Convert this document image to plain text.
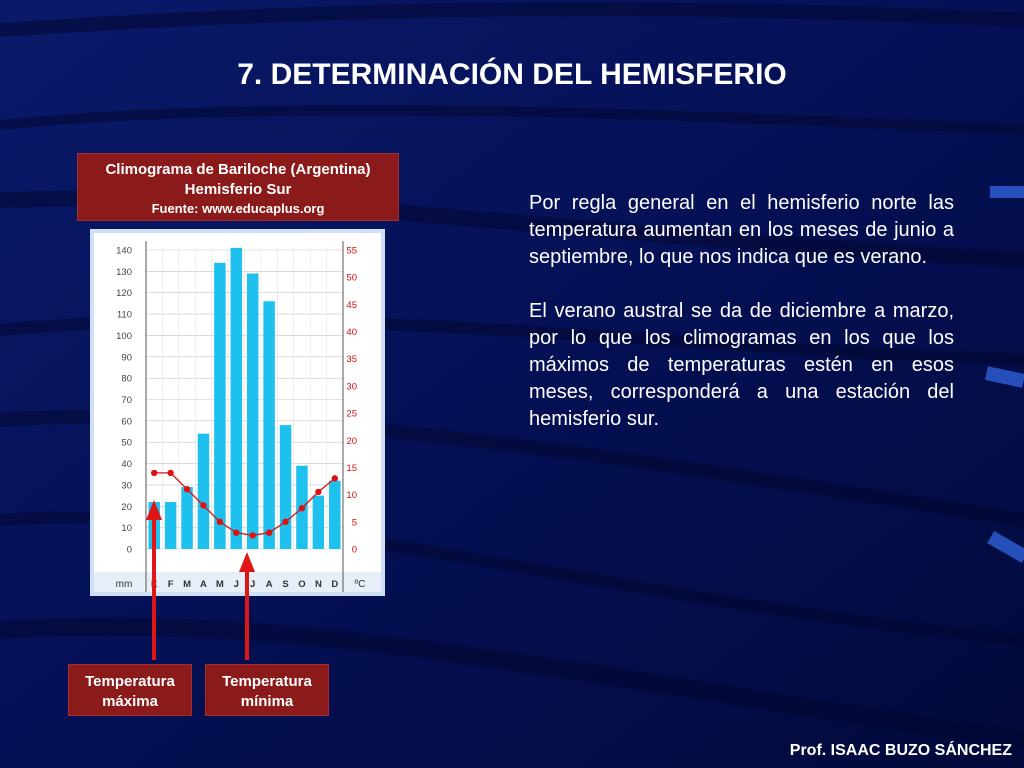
7. DETERMINACIÓN DEL HEMISFERIO
Climograma de Bariloche (Argentina)
Hemisferio Sur
Fuente: www.educaplus.org
0
10
20
30
40
50
60
70
80
90
100
110
120
130
140
0
5
10
15
20
25
30
35
40
45
50
55
E F M A M J J A S O N D
mm	ºC

Por regla general en el hemisferio norte las temperatura aumentan en los meses de junio a septiembre, lo que nos indica que es verano.

El verano austral se da de diciembre a marzo, por lo que los climogramas en los que los máximos de temperaturas estén en esos meses, corresponderá a una estación del hemisferio sur.

Temperatura máxima
Temperatura mínima
Prof. ISAAC BUZO SÁNCHEZ
